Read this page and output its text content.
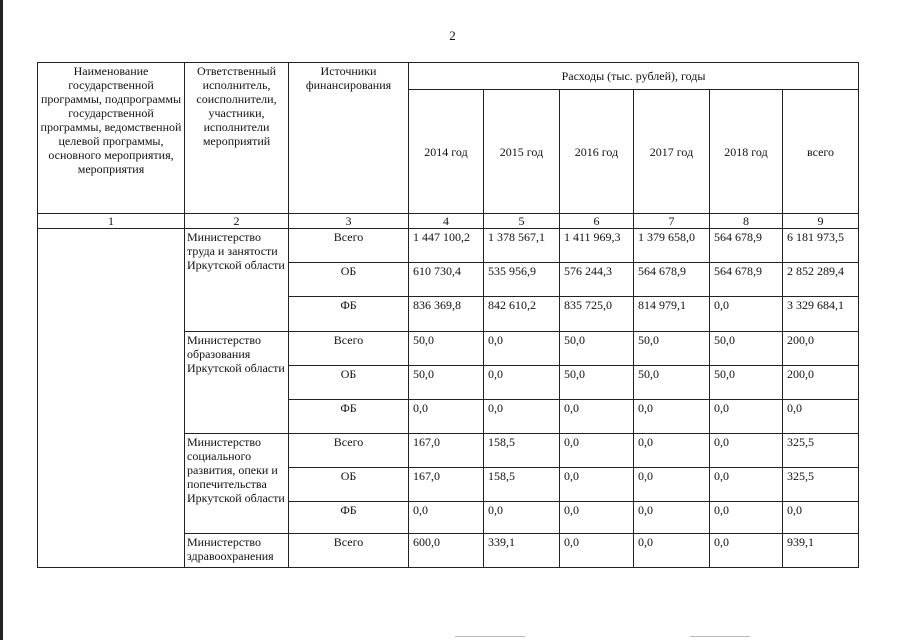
2
Наименование государственной программы, подпрограммы государственной программы, ведомственной целевой программы, основного мероприятия, мероприятия	Ответственный исполнитель, соисполнители, участники, исполнители мероприятий	Источники финансирования	Расходы (тыс. рублей), годы					
			2014 год	2015 год	2016 год	2017 год	2018 год	всего
1	2	3	4	5	6	7	8	9
	Министерство труда и занятости Иркутской области	Всего	1 447 100,2	1 378 567,1	1 411 969,3	1 379 658,0	564 678,9	6 181 973,5
		ОБ	610 730,4	535 956,9	576 244,3	564 678,9	564 678,9	2 852 289,4
		ФБ	836 369,8	842 610,2	835 725,0	814 979,1	0,0	3 329 684,1
	Министерство образования Иркутской области	Всего	50,0	0,0	50,0	50,0	50,0	200,0
		ОБ	50,0	0,0	50,0	50,0	50,0	200,0
		ФБ	0,0	0,0	0,0	0,0	0,0	0,0
	Министерство социального развития, опеки и попечительства Иркутской области	Всего	167,0	158,5	0,0	0,0	0,0	325,5
		ОБ	167,0	158,5	0,0	0,0	0,0	325,5
		ФБ	0,0	0,0	0,0	0,0	0,0	0,0
	Министерство здравоохранения	Всего	600,0	339,1	0,0	0,0	0,0	939,1
